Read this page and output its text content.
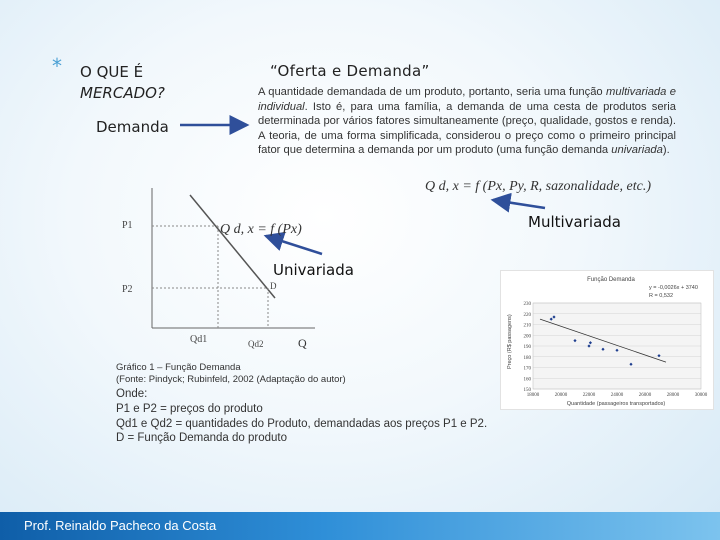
* O QUE É
MERCADO?
Demanda
“Oferta e Demanda”
A quantidade demandada de um produto, portanto, seria uma função multivariada e individual. Isto é, para uma família, a demanda de uma cesta de produtos seria determinada por vários fatores simultaneamente (preço, qualidade, gostos e renda). A teoria, de uma forma simplificada, considerou o preço como o primeiro principal fator que determina a demanda por um produto (uma função demanda univariada).
Q d, x = f (Px, Py, R, sazonalidade, etc.)
Multivariada
P1
P2	D
Qd1	Qd2	Q
Q d, x = f (Px)
Univariada
Gráfico 1 – Função Demanda
(Fonte: Pindyck; Rubinfeld, 2002 (Adaptação do autor)
Onde:
P1 e P2 = preços do produto
Qd1 e Qd2 = quantidades do Produto, demandadas aos preços P1 e P2.
D = Função Demanda do produto
Função Demanda
y = -0,0026x + 3740
R = 0,532
Preço (R$ passagens)
Quantidade (passageiros transportados)
230
220
210
200
190
180
170
160
150
18000	20000	22000	24000	26000	28000	30000
Prof. Reinaldo Pacheco da Costa
